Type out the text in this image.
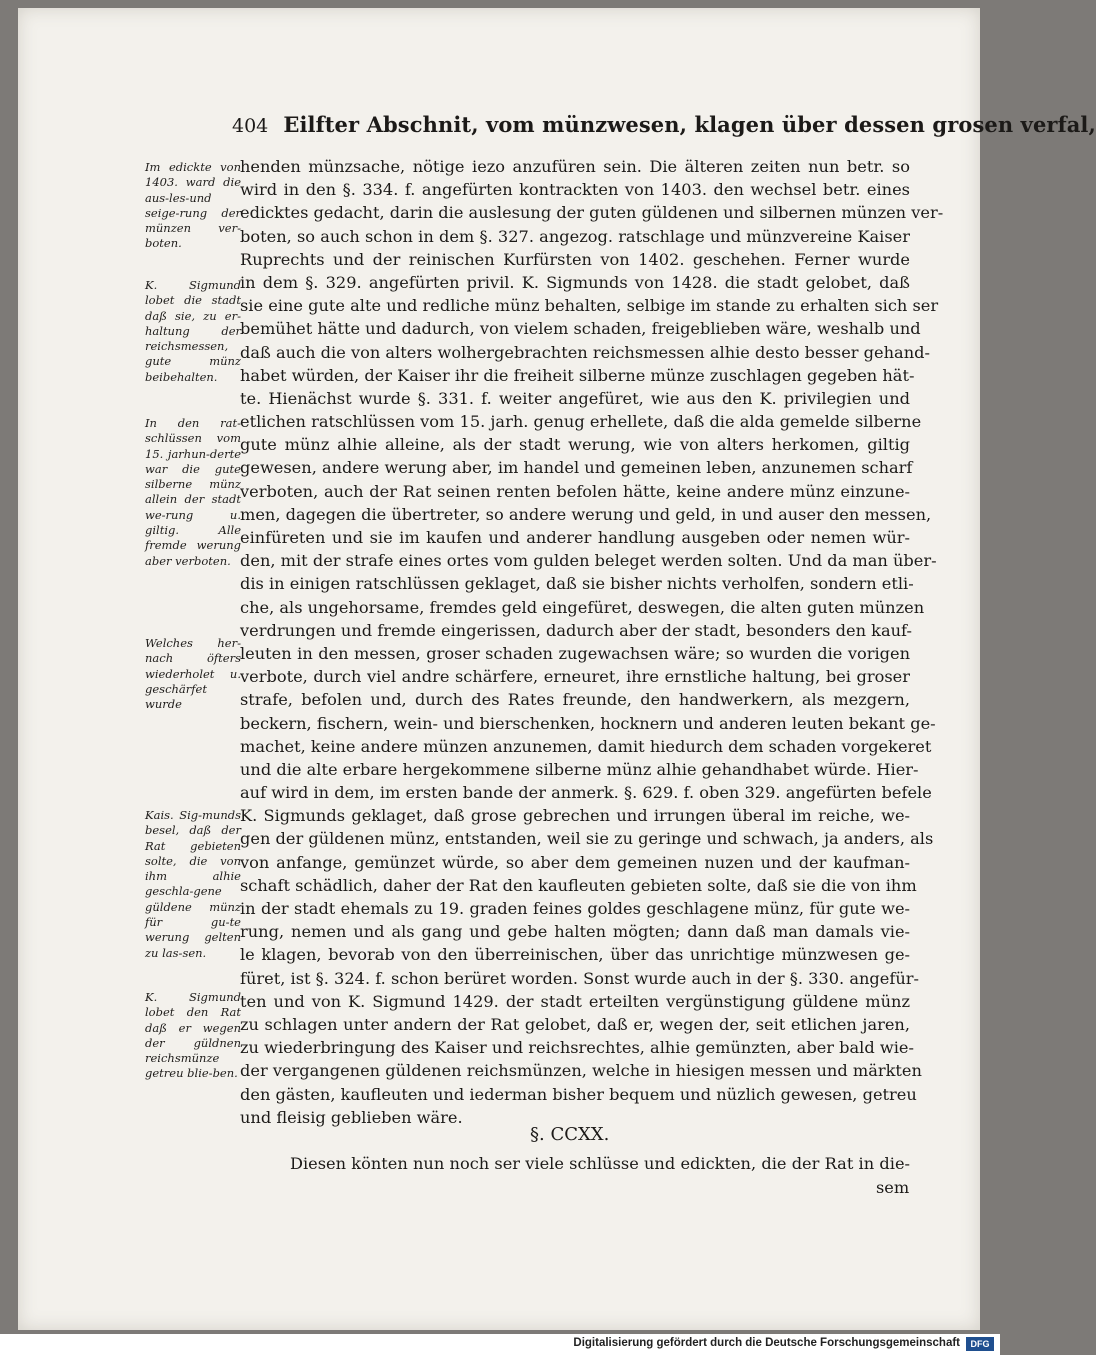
404 Eilfter Abschnit, vom münzwesen, klagen über dessen grosen verfal,
Im edickte von 1403. ward die aus-les-und seige-rung der münzen ver-boten.
K. Sigmund lobet die stadt daß sie, zu er-haltung der reichsmessen, gute münz beibehalten.
In den rat-schlüssen vom 15. jarhun-derte war die gute silberne münz allein der stadt we-rung u. giltig. Alle fremde werung aber verboten.
Welches her-nach öfters wiederholet u. geschärfet wurde
Kais. Sig-munds besel, daß der Rat gebieten solte, die von ihm alhie geschla-gene güldene münz für gu-te werung gelten zu las-sen.
K. Sigmund lobet den Rat daß er wegen der güldnen reichsmünze getreu blie-ben.
henden münzsache, nötige iezo anzufüren sein. Die älteren zeiten nun betr. so
wird in den §. 334. f. angefürten kontrackten von 1403. den wechsel betr. eines
edicktes gedacht, darin die auslesung der guten güldenen und silbernen münzen ver-
boten, so auch schon in dem §. 327. angezog. ratschlage und münzvereine Kaiser
Ruprechts und der reinischen Kurfürsten von 1402. geschehen. Ferner wurde
in dem §. 329. angefürten privil. K. Sigmunds von 1428. die stadt gelobet, daß
sie eine gute alte und redliche münz behalten, selbige im stande zu erhalten sich ser
bemühet hätte und dadurch, von vielem schaden, freigeblieben wäre, weshalb und
daß auch die von alters wolhergebrachten reichsmessen alhie desto besser gehand-
habet würden, der Kaiser ihr die freiheit silberne münze zuschlagen gegeben hät-
te. Hienächst wurde §. 331. f. weiter angefüret, wie aus den K. privilegien und
etlichen ratschlüssen vom 15. jarh. genug erhellete, daß die alda gemelde silberne
gute münz alhie alleine, als der stadt werung, wie von alters herkomen, giltig
gewesen, andere werung aber, im handel und gemeinen leben, anzunemen scharf
verboten, auch der Rat seinen renten befolen hätte, keine andere münz einzune-
men, dagegen die übertreter, so andere werung und geld, in und auser den messen,
einfüreten und sie im kaufen und anderer handlung ausgeben oder nemen wür-
den, mit der strafe eines ortes vom gulden beleget werden solten. Und da man über-
dis in einigen ratschlüssen geklaget, daß sie bisher nichts verholfen, sondern etli-
che, als ungehorsame, fremdes geld eingefüret, deswegen, die alten guten münzen
verdrungen und fremde eingerissen, dadurch aber der stadt, besonders den kauf-
leuten in den messen, groser schaden zugewachsen wäre; so wurden die vorigen
verbote, durch viel andre schärfere, erneuret, ihre ernstliche haltung, bei groser
strafe, befolen und, durch des Rates freunde, den handwerkern, als mezgern,
beckern, fischern, wein- und bierschenken, hocknern und anderen leuten bekant ge-
machet, keine andere münzen anzunemen, damit hiedurch dem schaden vorgekeret
und die alte erbare hergekommene silberne münz alhie gehandhabet würde. Hier-
auf wird in dem, im ersten bande der anmerk. §. 629. f. oben 329. angefürten befele
K. Sigmunds geklaget, daß grose gebrechen und irrungen überal im reiche, we-
gen der güldenen münz, entstanden, weil sie zu geringe und schwach, ja anders, als
von anfange, gemünzet würde, so aber dem gemeinen nuzen und der kaufman-
schaft schädlich, daher der Rat den kaufleuten gebieten solte, daß sie die von ihm
in der stadt ehemals zu 19. graden feines goldes geschlagene münz, für gute we-
rung, nemen und als gang und gebe halten mögten; dann daß man damals vie-
le klagen, bevorab von den überreinischen, über das unrichtige münzwesen ge-
füret, ist §. 324. f. schon berüret worden. Sonst wurde auch in der §. 330. angefür-
ten und von K. Sigmund 1429. der stadt erteilten vergünstigung güldene münz
zu schlagen unter andern der Rat gelobet, daß er, wegen der, seit etlichen jaren,
zu wiederbringung des Kaiser und reichsrechtes, alhie gemünzten, aber bald wie-
der vergangenen güldenen reichsmünzen, welche in hiesigen messen und märkten
den gästen, kaufleuten und iederman bisher bequem und nüzlich gewesen, getreu
und fleisig geblieben wäre.
§. CCXX.
Diesen könten nun noch ser viele schlüsse und edickten, die der Rat in die-
sem
Digitalisierung gefördert durch die Deutsche Forschungsgemeinschaft	DFG
